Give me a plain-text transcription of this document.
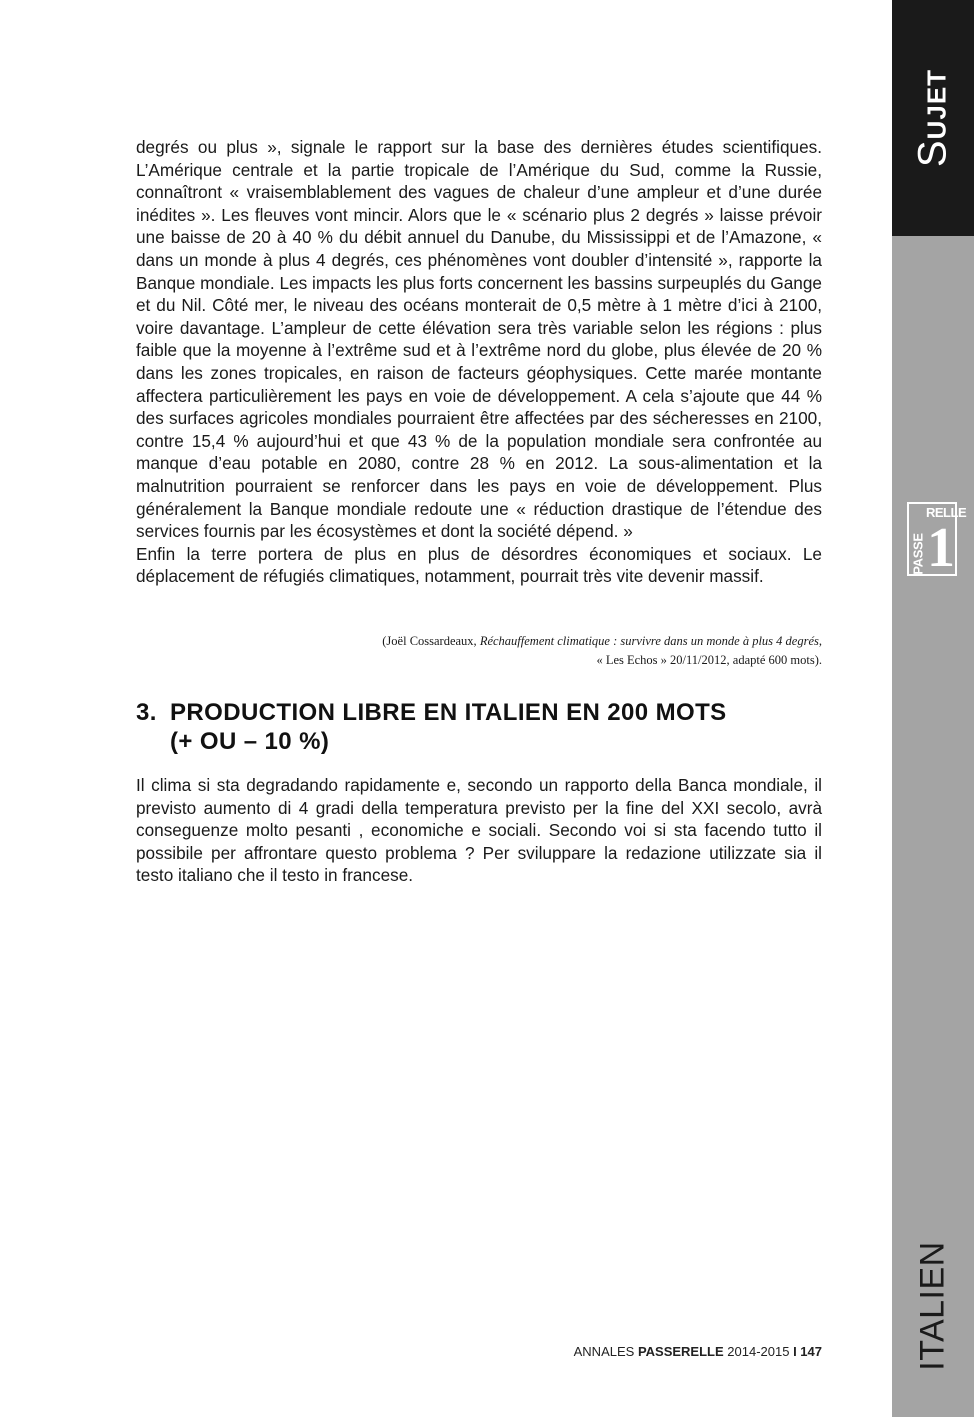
degrés ou plus », signale le rapport sur la base des dernières études scientifiques. L’Amérique centrale et la partie tropicale de l’Amérique du Sud, comme la Russie, connaîtront « vraisemblablement des vagues de chaleur d’une ampleur et d’une durée inédites ». Les fleuves vont mincir. Alors que le « scénario plus 2 degrés » laisse prévoir une baisse de 20 à 40 % du débit annuel du Danube, du Mississippi et de l’Amazone, « dans un monde à plus 4 degrés, ces phénomènes vont doubler d’intensité », rapporte la Banque mondiale. Les impacts les plus forts concernent les bassins surpeuplés du Gange et du Nil. Côté mer, le niveau des océans monterait de 0,5 mètre à 1 mètre d’ici à 2100, voire davantage. L’ampleur de cette élévation sera très variable selon les régions : plus faible que la moyenne à l’extrême sud et à l’extrême nord du globe, plus élevée de 20 % dans les zones tropicales, en raison de facteurs géophysiques. Cette marée montante affectera particulièrement les pays en voie de développement. A cela s’ajoute que 44 % des surfaces agricoles mondiales pourraient être affectées par des sécheresses en 2100, contre 15,4 % aujourd’hui et que 43 % de la population mondiale sera confrontée au manque d’eau potable en 2080, contre 28 % en 2012. La sous-alimentation et la malnutrition pourraient se renforcer dans les pays en voie de développement. Plus généralement la Banque mondiale redoute une « réduction drastique de l’étendue des services fournis par les écosystèmes et dont la société dépend. »

Enfin la terre portera de plus en plus de désordres économiques et sociaux. Le déplacement de réfugiés climatiques, notamment, pourrait très vite devenir massif.

(Joël Cossardeaux, Réchauffement climatique : survivre dans un monde à plus 4 degrés,
« Les Echos » 20/11/2012, adapté 600 mots).
3. PRODUCTION LIBRE EN ITALIEN EN 200 MOTS
(+ OU – 10 %)
Il clima si sta degradando rapidamente e, secondo un rapporto della Banca mondiale, il previsto aumento di 4 gradi della temperatura previsto per la fine del XXI secolo, avrà conseguenze molto pesanti , economiche e sociali. Secondo voi si sta facendo tutto il possibile per affrontare questo problema ? Per sviluppare la redazione utilizzate sia il testo italiano che il testo in francese.
ANNALES PASSERELLE 2014-2015 I 147
SUJET
RELLE
PASSE 1
ITALIEN
